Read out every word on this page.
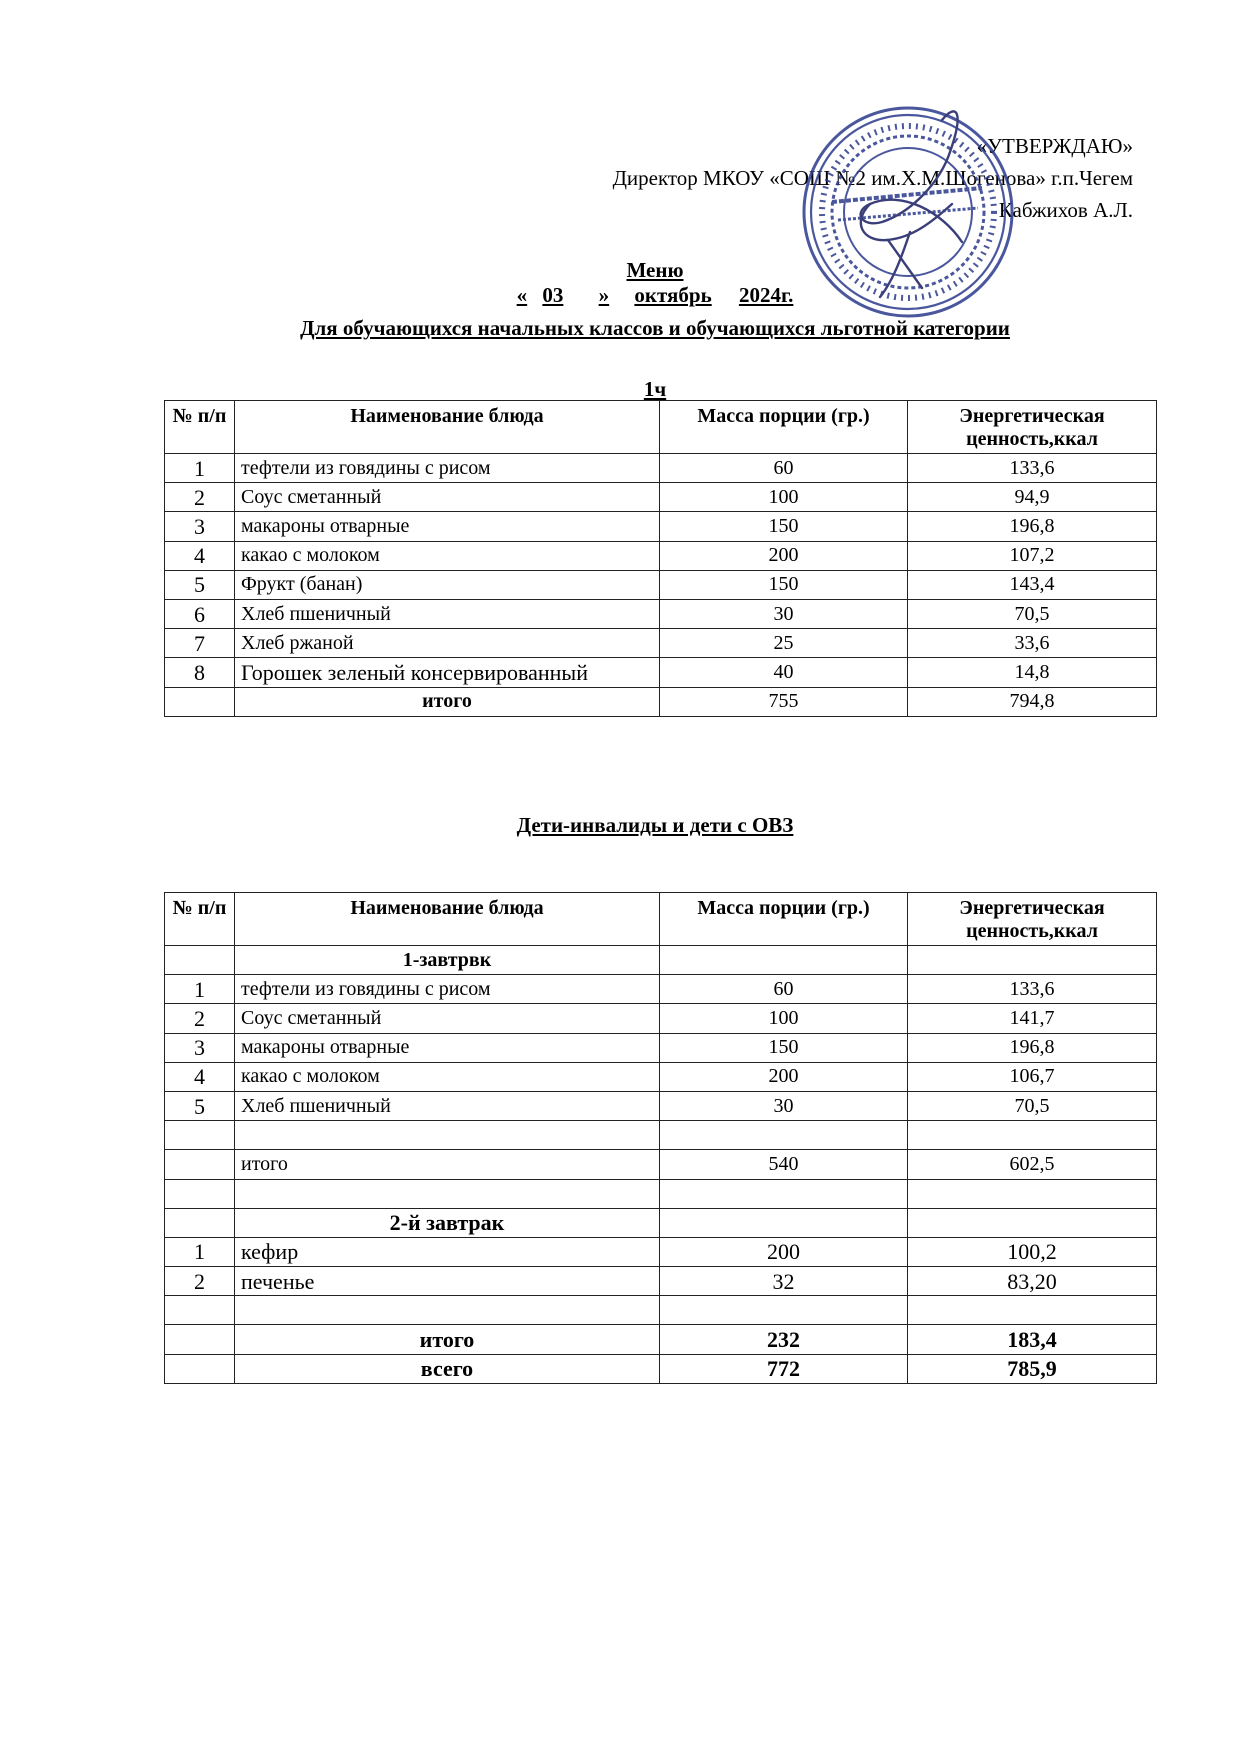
«УТВЕРЖДАЮ»
Директор МКОУ «СОШ №2 им.Х.М.Шогенова» г.п.Чегем
Кабжихов А.Л.
Меню
« 03 » октябрь 2024г.
Для обучающихся начальных классов и обучающихся льготной категории
1ч
№ п/п	Наименование блюда	Массa порции (гр.)	Энергетическая ценность,ккал
1	тефтели из говядины с рисом	60	133,6
2	Соус сметанный	100	94,9
3	макароны отварные	150	196,8
4	какао с молоком	200	107,2
5	Фрукт (банан)	150	143,4
6	Хлеб пшеничный	30	70,5
7	Хлеб ржаной	25	33,6
8	Горошек зеленый консервированный	40	14,8
	итого	755	794,8
Дети-инвалиды и дети с ОВЗ
№ п/п	Наименование блюда	Массa порции (гр.)	Энергетическая ценность,ккал
	1-завтрвк		
1	тефтели из говядины с рисом	60	133,6
2	Соус сметанный	100	141,7
3	макароны отварные	150	196,8
4	какао с молоком	200	106,7
5	Хлеб пшеничный	30	70,5

	итого	540	602,5

	2-й завтрак		
1	кефир	200	100,2
2	печенье	32	83,20

	итого	232	183,4
	всего	772	785,9
